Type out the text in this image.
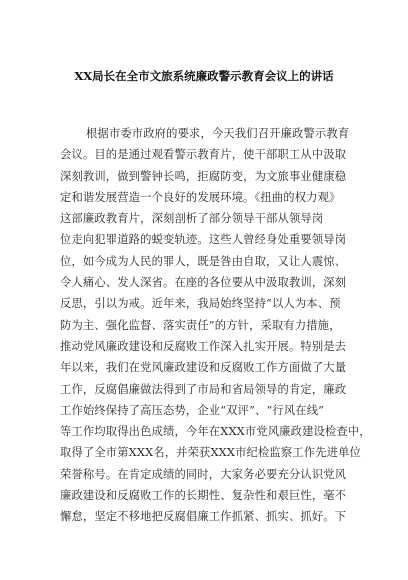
XX局长在全市文旅系统廉政警示教育会议上的讲话
根据市委市政府的要求，今天我们召开廉政警示教育
会议。目的是通过观看警示教育片，使干部职工从中汲取
深刻教训，做到警钟长鸣，拒腐防变，为文旅事业健康稳
定和谐发展营造一个良好的发展环境。《扭曲的权力观》
这部廉政教育片，深刻剖析了部分领导干部从领导岗
位走向犯罪道路的蜕变轨迹。这些人曾经身处重要领导岗
位，如今成为人民的罪人，既是咎由自取，又让人震惊、
令人痛心、发人深省。在座的各位要从中汲取教训，深刻
反思，引以为戒。近年来，我局始终坚持“以人为本、预
防为主、强化监督、落实责任”的方针，采取有力措施，
推动党风廉政建设和反腐败工作深入扎实开展。特别是去
年以来，我们在党风廉政建设和反腐败工作方面做了大量
工作，反腐倡廉做法得到了市局和省局领导的肯定，廉政
工作始终保持了高压态势，企业“双评”、“行风在线”
等工作均取得出色成绩，今年在XXX市党风廉政建设检查中，
取得了全市第XXX名，并荣获XXX市纪检监察工作先进单位
荣誉称号。在肯定成绩的同时，大家务必要充分认识党风
廉政建设和反腐败工作的长期性、复杂性和艰巨性，毫不
懈怠，坚定不移地把反腐倡廉工作抓紧、抓实、抓好。下
